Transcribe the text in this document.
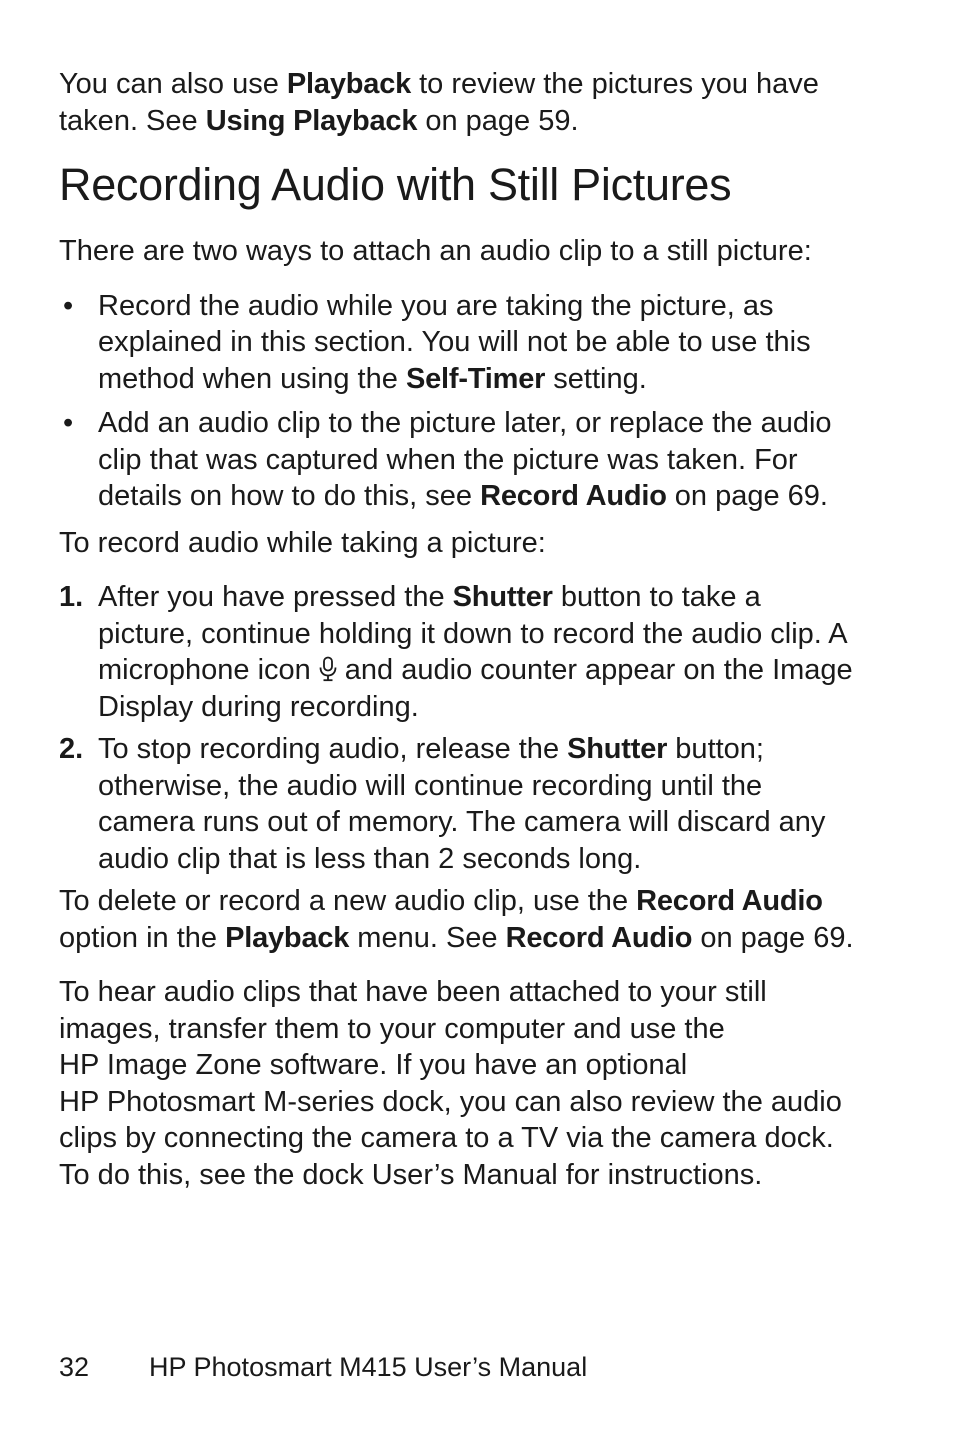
You can also use Playback to review the pictures you have taken. See Using Playback on page 59.

Recording Audio with Still Pictures

There are two ways to attach an audio clip to a still picture:

• Record the audio while you are taking the picture, as explained in this section. You will not be able to use this method when using the Self-Timer setting.
• Add an audio clip to the picture later, or replace the audio clip that was captured when the picture was taken. For details on how to do this, see Record Audio on page 69.

To record audio while taking a picture:

1. After you have pressed the Shutter button to take a picture, continue holding it down to record the audio clip. A microphone icon and audio counter appear on the Image Display during recording.
2. To stop recording audio, release the Shutter button; otherwise, the audio will continue recording until the camera runs out of memory. The camera will discard any audio clip that is less than 2 seconds long.

To delete or record a new audio clip, use the Record Audio option in the Playback menu. See Record Audio on page 69.

To hear audio clips that have been attached to your still images, transfer them to your computer and use the
HP Image Zone software. If you have an optional
HP Photosmart M-series dock, you can also review the audio clips by connecting the camera to a TV via the camera dock. To do this, see the dock User’s Manual for instructions.

32 HP Photosmart M415 User’s Manual
